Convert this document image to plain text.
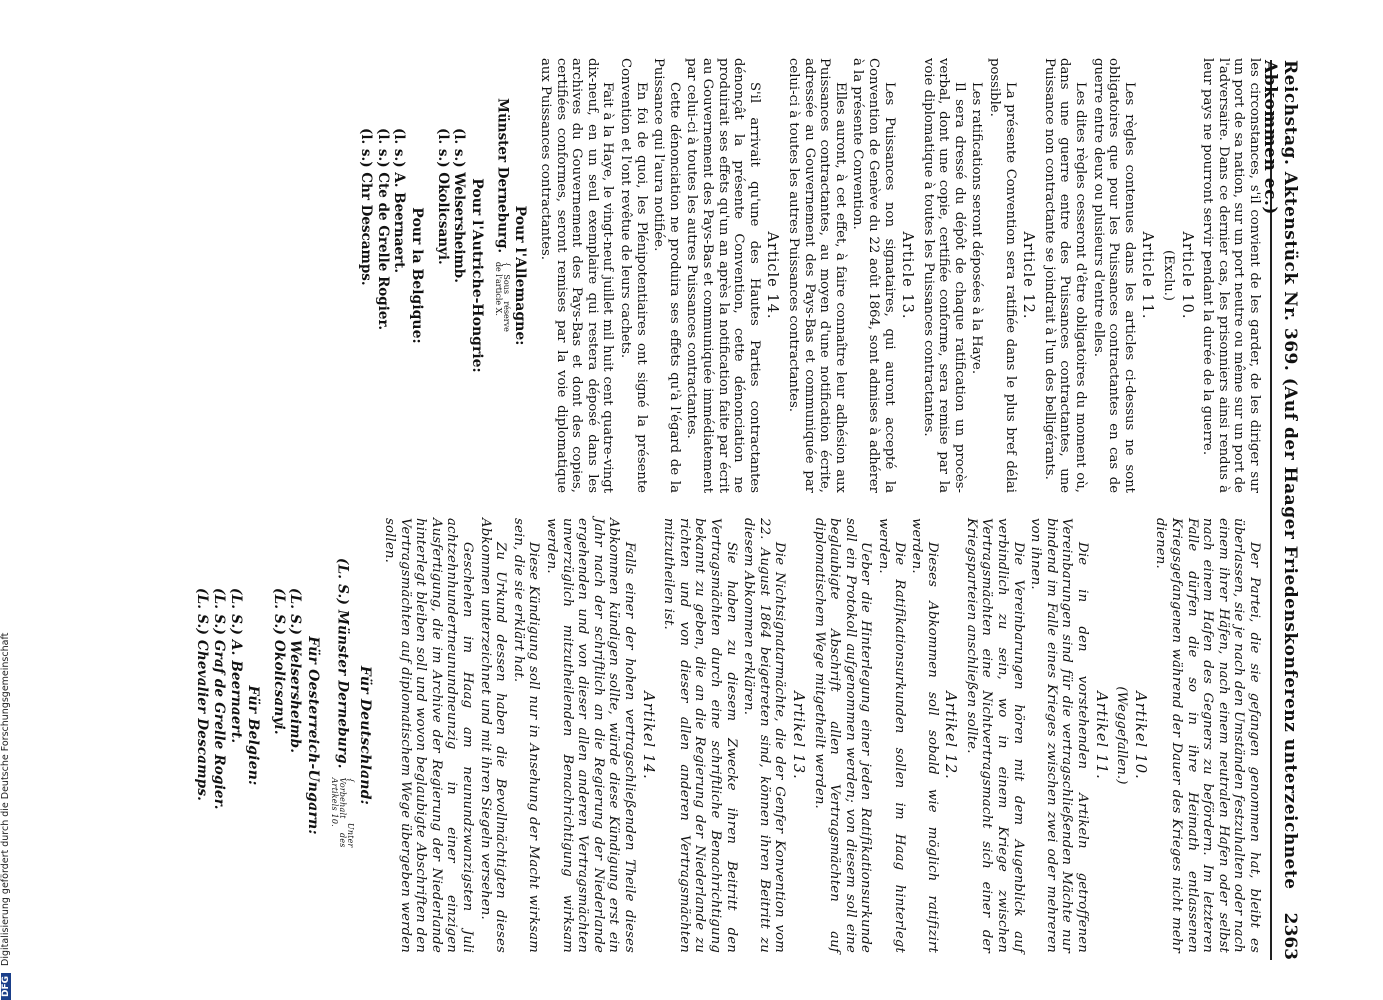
Reichstag. Aktenstück Nr. 369. (Auf der Haager Friedenskonferenz unterzeichnete Abkommen ec.)
2363

les circonstances, s'il convient de les garder, de les diriger sur un port de sa nation, sur un port neutre ou même sur un port de l'adversaire. Dans ce dernier cas, les prisonniers ainsi rendus à leur pays ne pourront servir pendant la durée de la guerre.

Article 10.
(Exclu.)
Article 11.

Les règles contenues dans les articles ci-dessus ne sont obligatoires que pour les Puissances contractantes en cas de guerre entre deux ou plusieurs d'entre elles.

Les dites règles cesseront d'être obligatoires du moment où, dans une guerre entre des Puissances contractantes, une Puissance non contractante se joindrait à l'un des belligérants.

Article 12.

La présente Convention sera ratifiée dans le plus bref délai possible.

Les ratifications seront déposées à la Haye.

Il sera dressé du dépôt de chaque ratification un procès-verbal, dont une copie, certifiée conforme, sera remise par la voie diplomatique à toutes les Puissances contractantes.

Article 13.

Les Puissances non signataires, qui auront accepté la Convention de Genève du 22 août 1864, sont admises à adhérer à la présente Convention.

Elles auront, à cet effet, à faire connaître leur adhésion aux Puissances contractantes, au moyen d'une notification écrite, adressée au Gouvernement des Pays-Bas et communiquée par celui-ci à toutes les autres Puissances contractantes.

Article 14.

S'il arrivait qu'une des Hautes Parties contractantes dénonçât la présente Convention, cette dénonciation ne produirait ses effets qu'un an après la notification faite par écrit au Gouvernement des Pays-Bas et communiquée immédiatement par celui-ci à toutes les autres Puissances contractantes.

Cette dénonciation ne produira ses effets qu'à l'égard de la Puissance qui l'aura notifiée.

En foi de quoi, les Plénipotentiaires ont signé la présente Convention et l'ont revêtue de leurs cachets.

Fait à la Haye, le vingt-neuf juillet mil huit cent quatre-vingt dix-neuf, en un seul exemplaire qui restera déposé dans les archives du Gouvernement des Pays-Bas et dont des copies, certifiées conformes, seront remises par la voie diplomatique aux Puissances contractantes.

Pour l'Allemagne:
Münster Derneburg. { Sous réserve de l'article X.
Pour l'Autriche-Hongrie:
(l. s.) Welsersheimb.
(l. s.) Okolicsanyi.
Pour la Belgique:
(l. s.) A. Beernaert.
(l. s.) Cte de Grelle Rogier.
(l. s.) Chr Descamps.

Der Partei, die sie gefangen genommen hat, bleibt es überlassen, sie je nach den Umständen festzuhalten oder nach einem ihrer Häfen, nach einem neutralen Hafen oder selbst nach einem Hafen des Gegners zu befördern. Im letzteren Falle dürfen die so in ihre Heimath entlassenen Kriegsgefangenen während der Dauer des Krieges nicht mehr dienen.

Artikel 10.
(Weggefallen.)
Artikel 11.

Die in den vorstehenden Artikeln getroffenen Vereinbarungen sind für die vertragschließenden Mächte nur bindend im Falle eines Krieges zwischen zwei oder mehreren von ihnen.

Die Vereinbarungen hören mit dem Augenblick auf verbindlich zu sein, wo in einem Kriege zwischen Vertragsmächten eine Nichtvertragsmacht sich einer der Kriegsparteien anschließen sollte.

Artikel 12.

Dieses Abkommen soll sobald wie möglich ratifizirt werden.

Die Ratifikationsurkunden sollen im Haag hinterlegt werden.

Ueber die Hinterlegung einer jeden Ratifikationsurkunde soll ein Protokoll aufgenommen werden; von diesem soll eine beglaubigte Abschrift allen Vertragsmächten auf diplomatischem Wege mitgetheilt werden.

Artikel 13.

Die Nichtsignatarmächte, die der Genfer Konvention vom 22. August 1864 beigetreten sind, können ihren Beitritt zu diesem Abkommen erklären.

Sie haben zu diesem Zwecke ihren Beitritt den Vertragsmächten durch eine schriftliche Benachrichtigung bekannt zu geben, die an die Regierung der Niederlande zu richten und von dieser allen anderen Vertragsmächten mitzutheilen ist.

Artikel 14.

Falls einer der hohen vertragschließenden Theile dieses Abkommen kündigen sollte, würde diese Kündigung erst ein Jahr nach der schriftlich an die Regierung der Niederlande ergehenden und von dieser allen anderen Vertragsmächten unverzüglich mitzutheilenden Benachrichtigung wirksam werden.

Diese Kündigung soll nur in Ansehung der Macht wirksam sein, die sie erklärt hat.

Zu Urkund dessen haben die Bevollmächtigten dieses Abkommen unterzeichnet und mit ihren Siegeln versehen.

Geschehen im Haag am neunundzwanzigsten Juli achtzehnhundertneunundneunzig in einer einzigen Ausfertigung, die im Archive der Regierung der Niederlande hinterlegt bleiben soll und wovon beglaubigte Abschriften den Vertragsmächten auf diplomatischem Wege übergeben werden sollen.

Für Deutschland:
(L. S.) Münster Derneburg. { Unter Vorbehalt des Artikels 10.
Für Oesterreich-Ungarn:
(L. S.) Welsersheimb.
(L. S.) Okolicsanyi.
Für Belgien:
(L. S.) A. Beernaert.
(L. S.) Graf de Grelle Rogier.
(L. S.) Chevalier Descamps.
DFG Digitalisierung gefördert durch die Deutsche Forschungsgemeinschaft
